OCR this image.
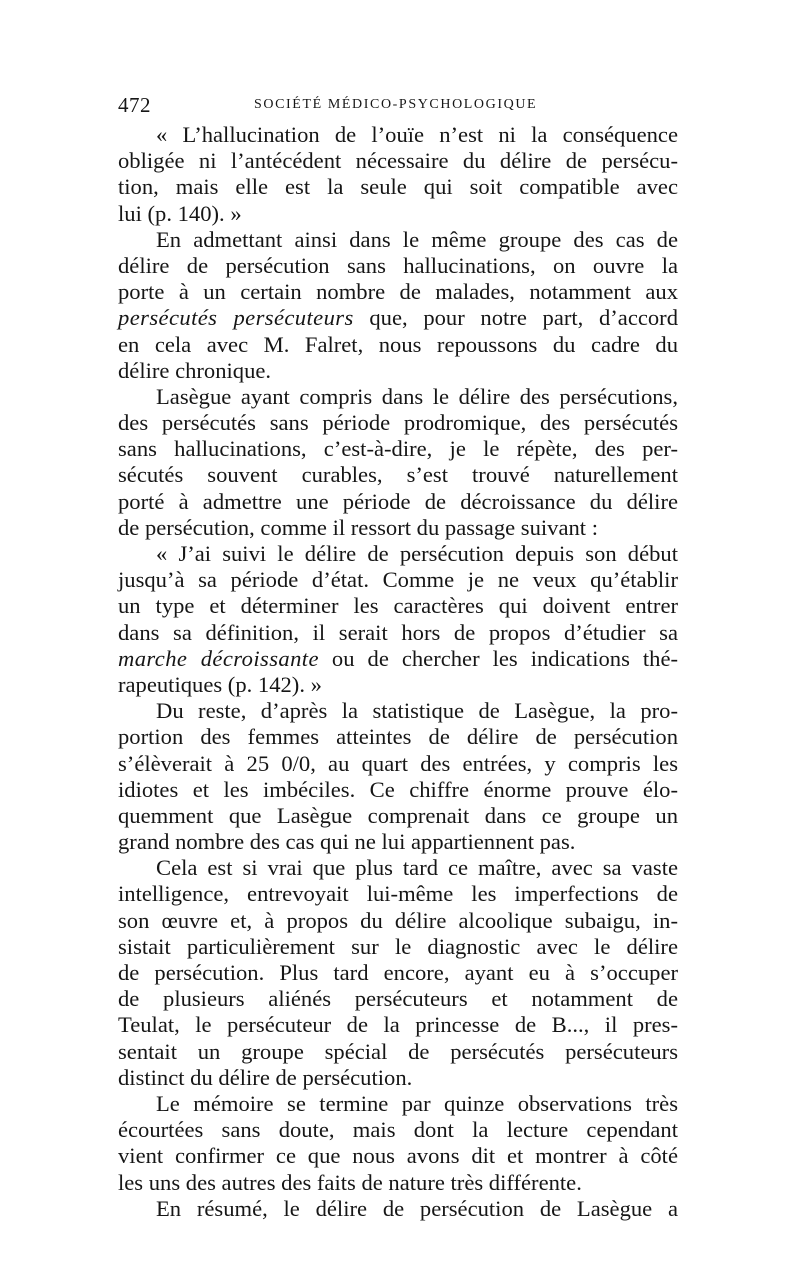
472	SOCIÉTÉ MÉDICO-PSYCHOLOGIQUE
« L’hallucination de l’ouïe n’est ni la conséquence
obligée ni l’antécédent nécessaire du délire de persécu-
tion, mais elle est la seule qui soit compatible avec
lui (p. 140). »
En admettant ainsi dans le même groupe des cas de
délire de persécution sans hallucinations, on ouvre la
porte à un certain nombre de malades, notamment aux
persécutés persécuteurs que, pour notre part, d’accord
en cela avec M. Falret, nous repoussons du cadre du
délire chronique.
Lasègue ayant compris dans le délire des persécutions,
des persécutés sans période prodromique, des persécutés
sans hallucinations, c’est-à-dire, je le répète, des per-
sécutés souvent curables, s’est trouvé naturellement
porté à admettre une période de décroissance du délire
de persécution, comme il ressort du passage suivant :
« J’ai suivi le délire de persécution depuis son début
jusqu’à sa période d’état. Comme je ne veux qu’établir
un type et déterminer les caractères qui doivent entrer
dans sa définition, il serait hors de propos d’étudier sa
marche décroissante ou de chercher les indications thé-
rapeutiques (p. 142). »
Du reste, d’après la statistique de Lasègue, la pro-
portion des femmes atteintes de délire de persécution
s’élèverait à 25 0/0, au quart des entrées, y compris les
idiotes et les imbéciles. Ce chiffre énorme prouve élo-
quemment que Lasègue comprenait dans ce groupe un
grand nombre des cas qui ne lui appartiennent pas.
Cela est si vrai que plus tard ce maître, avec sa vaste
intelligence, entrevoyait lui-même les imperfections de
son œuvre et, à propos du délire alcoolique subaigu, in-
sistait particulièrement sur le diagnostic avec le délire
de persécution. Plus tard encore, ayant eu à s’occuper
de plusieurs aliénés persécuteurs et notamment de
Teulat, le persécuteur de la princesse de B..., il pres-
sentait un groupe spécial de persécutés persécuteurs
distinct du délire de persécution.
Le mémoire se termine par quinze observations très
écourtées sans doute, mais dont la lecture cependant
vient confirmer ce que nous avons dit et montrer à côté
les uns des autres des faits de nature très différente.
En résumé, le délire de persécution de Lasègue a
